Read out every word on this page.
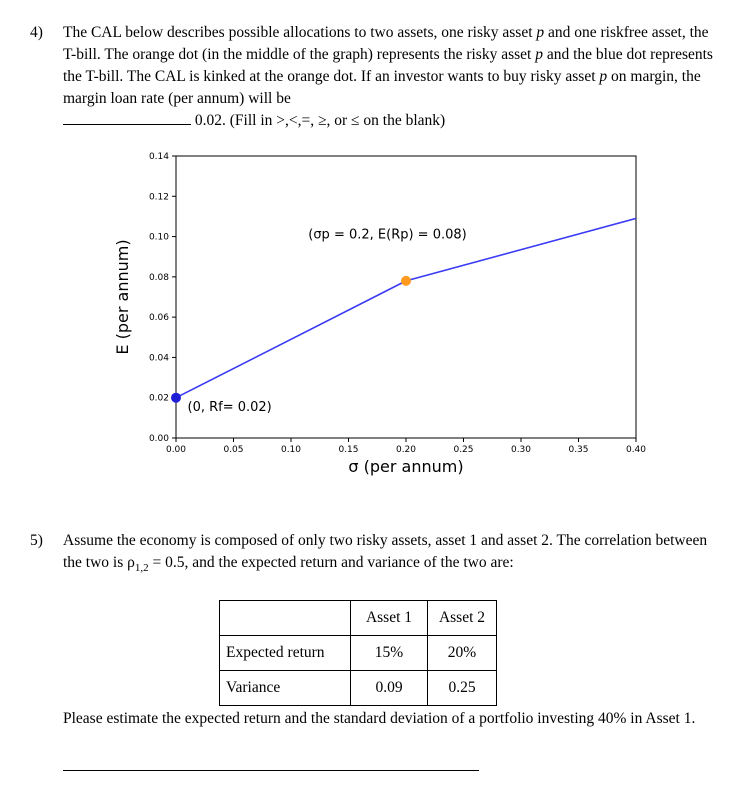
4) The CAL below describes possible allocations to two assets, one risky asset p and one riskfree asset, the T-bill. The orange dot (in the middle of the graph) represents the risky asset p and the blue dot represents the T-bill. The CAL is kinked at the orange dot. If an investor wants to buy risky asset p on margin, the margin loan rate (per annum) will be
0.02. (Fill in >,<,=, ≥, or ≤ on the blank)
0.00	0.05	0.10	0.15	0.20	0.25	0.30	0.35	0.40
0.00
0.02
0.04
0.06
0.08
0.10
0.12
0.14
σ (per annum)
E (per annum)
(σp = 0.2, E(Rp) = 0.08)
(0, Rf= 0.02)
5) Assume the economy is composed of only two risky assets, asset 1 and asset 2. The correlation between the two is $\rho_{1,2} = 0.5$, and the expected return and variance of the two are:
	Asset 1	Asset 2
Expected return	15%	20%
Variance	0.09	0.25
Please estimate the expected return and the standard deviation of a portfolio investing 40% in Asset 1.
